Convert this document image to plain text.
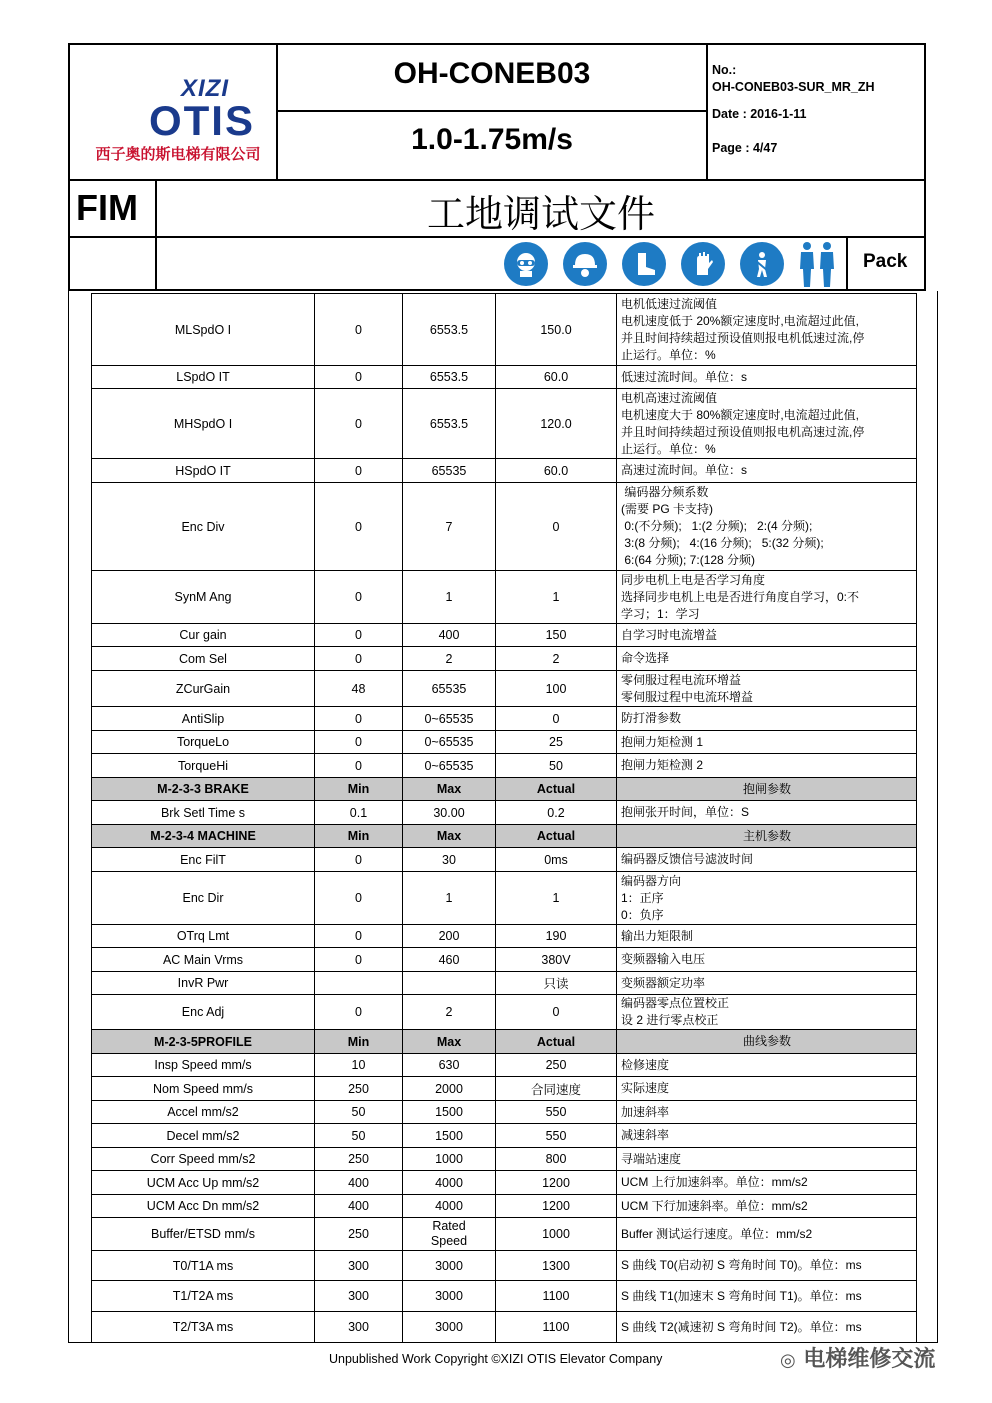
XIZI
OTIS
西子奥的斯电梯有限公司
OH-CONEB03
1.0-1.75m/s
No.:
OH-CONEB03-SUR_MR_ZH
Date : 2016-1-11
Page : 4/47
FIM	工地调试文件
Pack
MLSpdO I	0	6553.5	150.0	电机低速过流阈值
电机速度低于 20%额定速度时,电流超过此值,
并且时间持续超过预设值则报电机低速过流,停
止运行。单位：%

LSpdO IT	0	6553.5	60.0	低速过流时间。单位：s

MHSpdO I	0	6553.5	120.0	电机高速过流阈值
电机速度大于 80%额定速度时,电流超过此值,
并且时间持续超过预设值则报电机高速过流,停
止运行。单位：%

HSpdO IT	0	65535	60.0	高速过流时间。单位：s

Enc Div	0	7	0	编码器分频系数
(需要 PG 卡支持)
0:(不分频);   1:(2 分频);   2:(4 分频);
3:(8 分频);   4:(16 分频);   5:(32 分频);
6:(64 分频); 7:(128 分频)

SynM Ang	0	1	1	同步电机上电是否学习角度
选择同步电机上电是否进行角度自学习，0:不
学习；1：学习

Cur gain	0	400	150	自学习时电流增益

Com Sel	0	2	2	命令选择

ZCurGain	48	65535	100	零伺服过程电流环增益
零伺服过程中电流环增益

AntiSlip	0	0~65535	0	防打滑参数

TorqueLo	0	0~65535	25	抱闸力矩检测 1

TorqueHi	0	0~65535	50	抱闸力矩检测 2

M-2-3-3 BRAKE	Min	Max	Actual	抱闸参数

Brk Setl Time s	0.1	30.00	0.2	抱闸张开时间，单位：S

M-2-3-4 MACHINE	Min	Max	Actual	主机参数

Enc FilT	0	30	0ms	编码器反馈信号滤波时间

Enc Dir	0	1	1	编码器方向
1：正序
0：负序

OTrq Lmt	0	200	190	输出力矩限制

AC Main Vrms	0	460	380V	变频器输入电压

InvR Pwr			只读	变频器额定功率

Enc Adj	0	2	0	编码器零点位置校正
设 2 进行零点校正

M-2-3-5PROFILE	Min	Max	Actual	曲线参数

Insp Speed mm/s	10	630	250	检修速度

Nom Speed mm/s	250	2000	合同速度	实际速度

Accel mm/s2	50	1500	550	加速斜率

Decel mm/s2	50	1500	550	减速斜率

Corr Speed mm/s2	250	1000	800	寻端站速度

UCM Acc Up mm/s2	400	4000	1200	UCM 上行加速斜率。单位：mm/s2

UCM Acc Dn mm/s2	400	4000	1200	UCM 下行加速斜率。单位：mm/s2

Buffer/ETSD mm/s	250	Rated Speed	1000	Buffer 测试运行速度。单位：mm/s2

T0/T1A ms	300	3000	1300	S 曲线 T0(启动初 S 弯角时间 T0)。单位：ms

T1/T2A ms	300	3000	1100	S 曲线 T1(加速末 S 弯角时间 T1)。单位：ms

T2/T3A ms	300	3000	1100	S 曲线 T2(减速初 S 弯角时间 T2)。单位：ms
Unpublished Work Copyright ©XIZI OTIS Elevator Company	◎ 电梯维修交流
